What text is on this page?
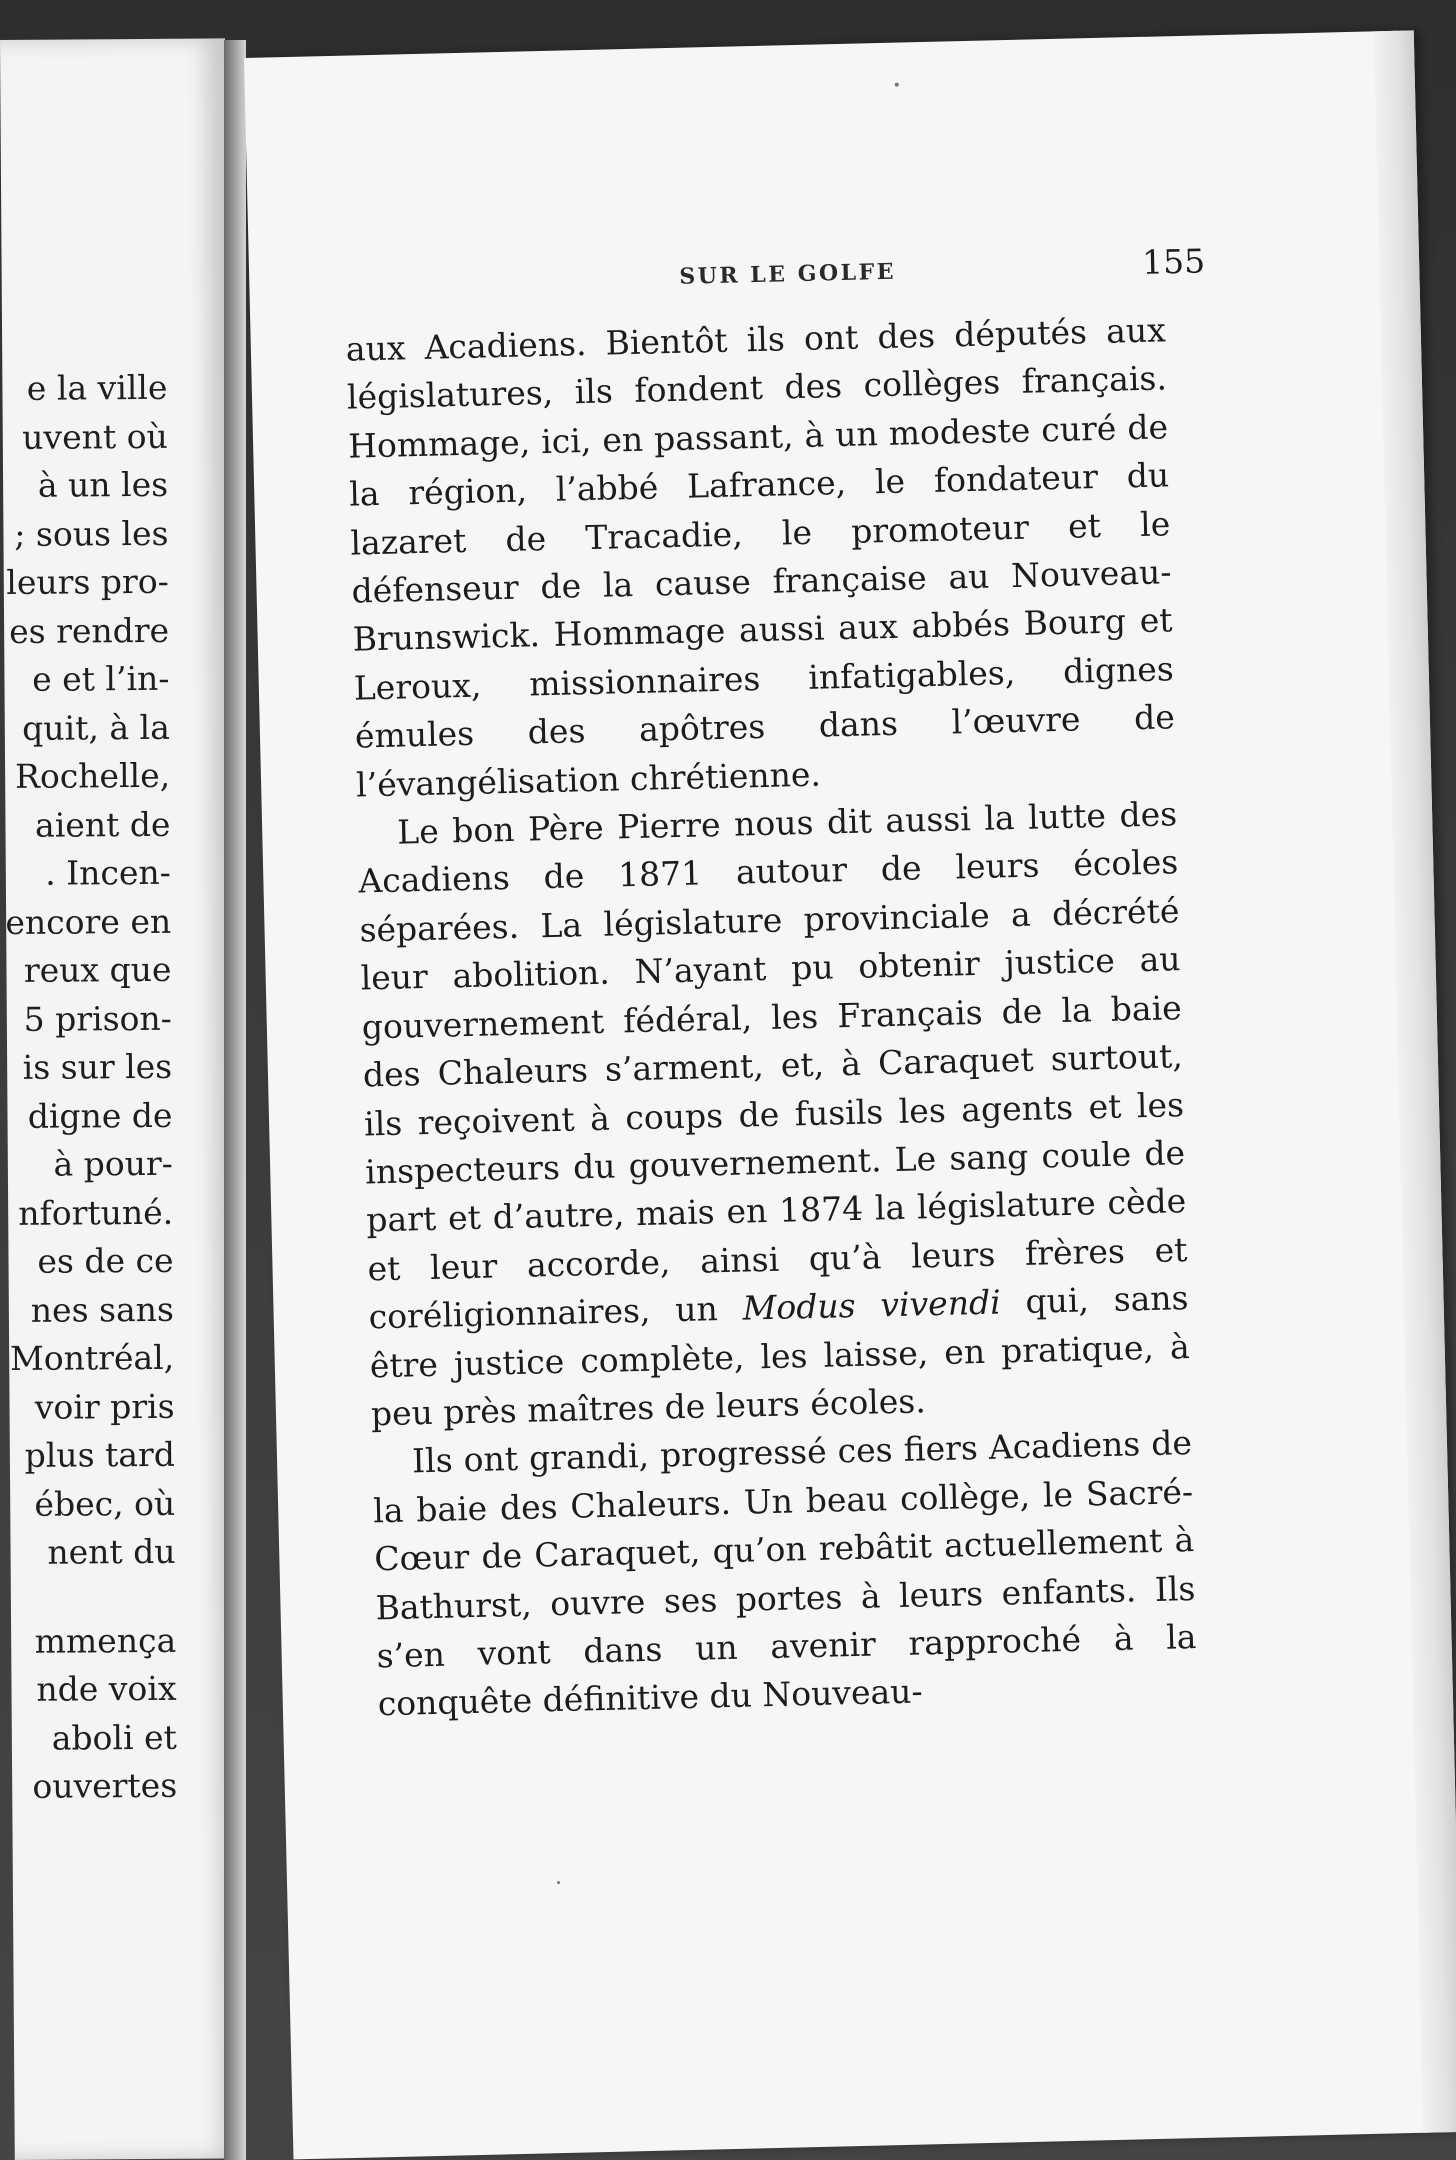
e la ville
uvent où
à un les
; sous les
leurs pro-
es rendre
e et l’in-
quit, à la
Rochelle,
aient de
. Incen-
encore en
reux que
5 prison-
is sur les
digne de
à pour-
nfortuné.
es de ce
nes sans
Montréal,
voir pris
plus tard
ébec, où
nent du
mmença
nde voix
aboli et
ouvertes
SUR LE GOLFE	155

aux Acadiens. Bientôt ils ont des députés aux législatures, ils fondent des collèges français. Hommage, ici, en passant, à un modeste curé de la région, l’abbé Lafrance, le fondateur du lazaret de Tracadie, le promoteur et le défenseur de la cause française au Nouveau-Brunswick. Hommage aussi aux abbés Bourg et Leroux, missionnaires infatigables, dignes émules des apôtres dans l’œuvre de l’évangélisation chrétienne.

Le bon Père Pierre nous dit aussi la lutte des Acadiens de 1871 autour de leurs écoles séparées. La législature provinciale a décrété leur abolition. N’ayant pu obtenir justice au gouvernement fédéral, les Français de la baie des Chaleurs s’arment, et, à Caraquet surtout, ils reçoivent à coups de fusils les agents et les inspecteurs du gouvernement. Le sang coule de part et d’autre, mais en 1874 la législature cède et leur accorde, ainsi qu’à leurs frères et coréligionnaires, un Modus vivendi qui, sans être justice complète, les laisse, en pratique, à peu près maîtres de leurs écoles.

Ils ont grandi, progressé ces fiers Acadiens de la baie des Chaleurs. Un beau collège, le Sacré-Cœur de Caraquet, qu’on rebâtit actuellement à Bathurst, ouvre ses portes à leurs enfants. Ils s’en vont dans un avenir rapproché à la conquête définitive du Nouveau-
